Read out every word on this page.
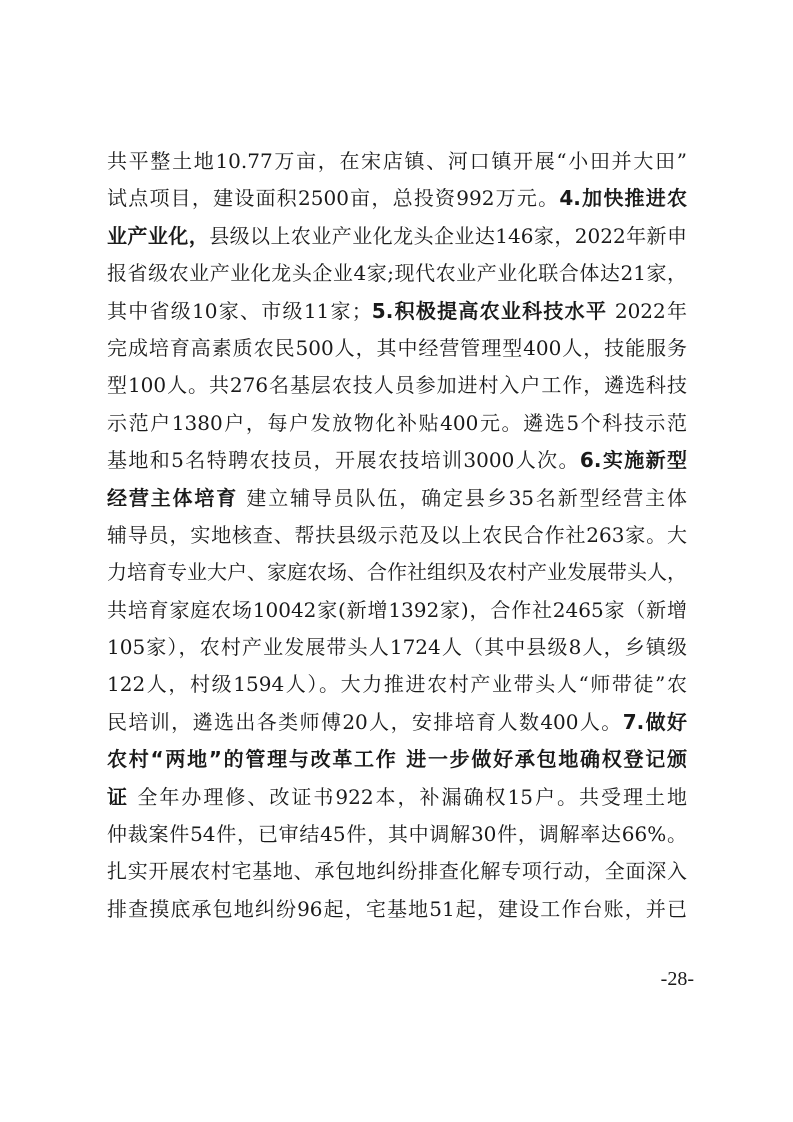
共平整土地10.77万亩，在宋店镇、河口镇开展“小田并大田”
试点项目，建设面积2500亩，总投资992万元。4.加快推进农
业产业化，县级以上农业产业化龙头企业达146家，2022年新申
报省级农业产业化龙头企业4家;现代农业产业化联合体达21家，
其中省级10家、市级11家；5.积极提高农业科技水平 2022年
完成培育高素质农民500人，其中经营管理型400人，技能服务
型100人。共276名基层农技人员参加进村入户工作，遴选科技
示范户1380户，每户发放物化补贴400元。遴选5个科技示范
基地和5名特聘农技员，开展农技培训3000人次。6.实施新型
经营主体培育 建立辅导员队伍，确定县乡35名新型经营主体
辅导员，实地核查、帮扶县级示范及以上农民合作社263家。大
力培育专业大户、家庭农场、合作社组织及农村产业发展带头人，
共培育家庭农场10042家(新增1392家)，合作社2465家（新增
105家），农村产业发展带头人1724人（其中县级8人，乡镇级
122人，村级1594人）。大力推进农村产业带头人“师带徒”农
民培训，遴选出各类师傅20人，安排培育人数400人。7.做好
农村“两地”的管理与改革工作 进一步做好承包地确权登记颁
证 全年办理修、改证书922本，补漏确权15户。共受理土地
仲裁案件54件，已审结45件，其中调解30件，调解率达66%。
扎实开展农村宅基地、承包地纠纷排查化解专项行动，全面深入
排查摸底承包地纠纷96起，宅基地51起，建设工作台账，并已
-28-
